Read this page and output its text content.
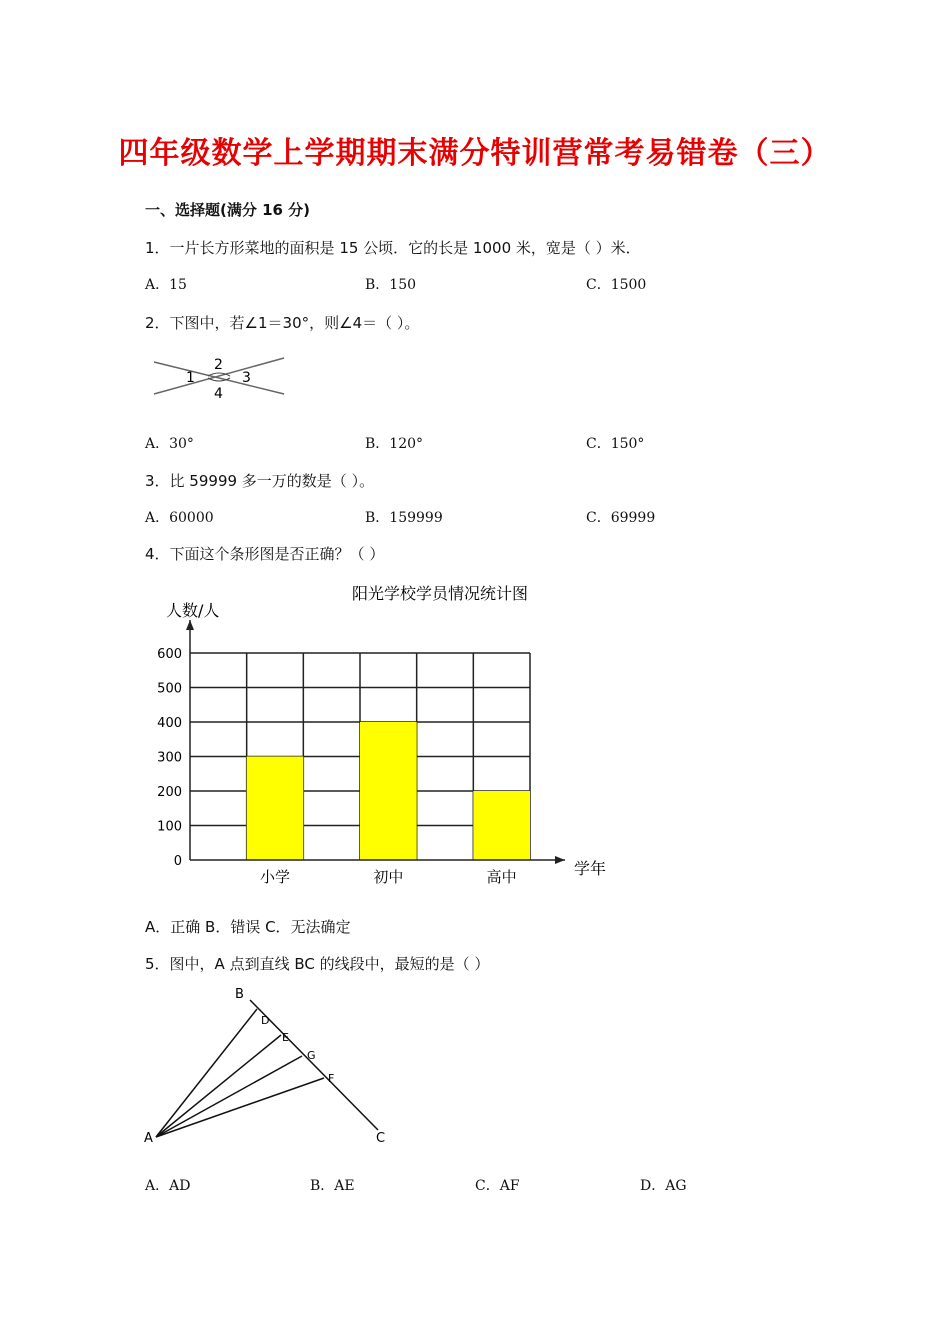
四年级数学上学期期末满分特训营常考易错卷（三）
一、选择题(满分 16 分)
1．一片长方形菜地的面积是 15 公顷．它的长是 1000 米，宽是（ ）米．
A．15	B．150	C．1500
2．下图中，若∠1＝30°，则∠4＝（ ）。
1
2
3
4
A．30°	B．120°	C．150°
3．比 59999 多一万的数是（ ）。
A．60000	B．159999	C．69999
4．下面这个条形图是否正确？（ ）
阳光学校学员情况统计图
人数/人
学年
0
100
200
300
400
500
600
小学	初中	高中
A．正确 B．错误 C．无法确定
5．图中，A 点到直线 BC 的线段中，最短的是（ ）
A
B
C
D
E
F
G
A．AD	B．AE	C．AF	D．AG
